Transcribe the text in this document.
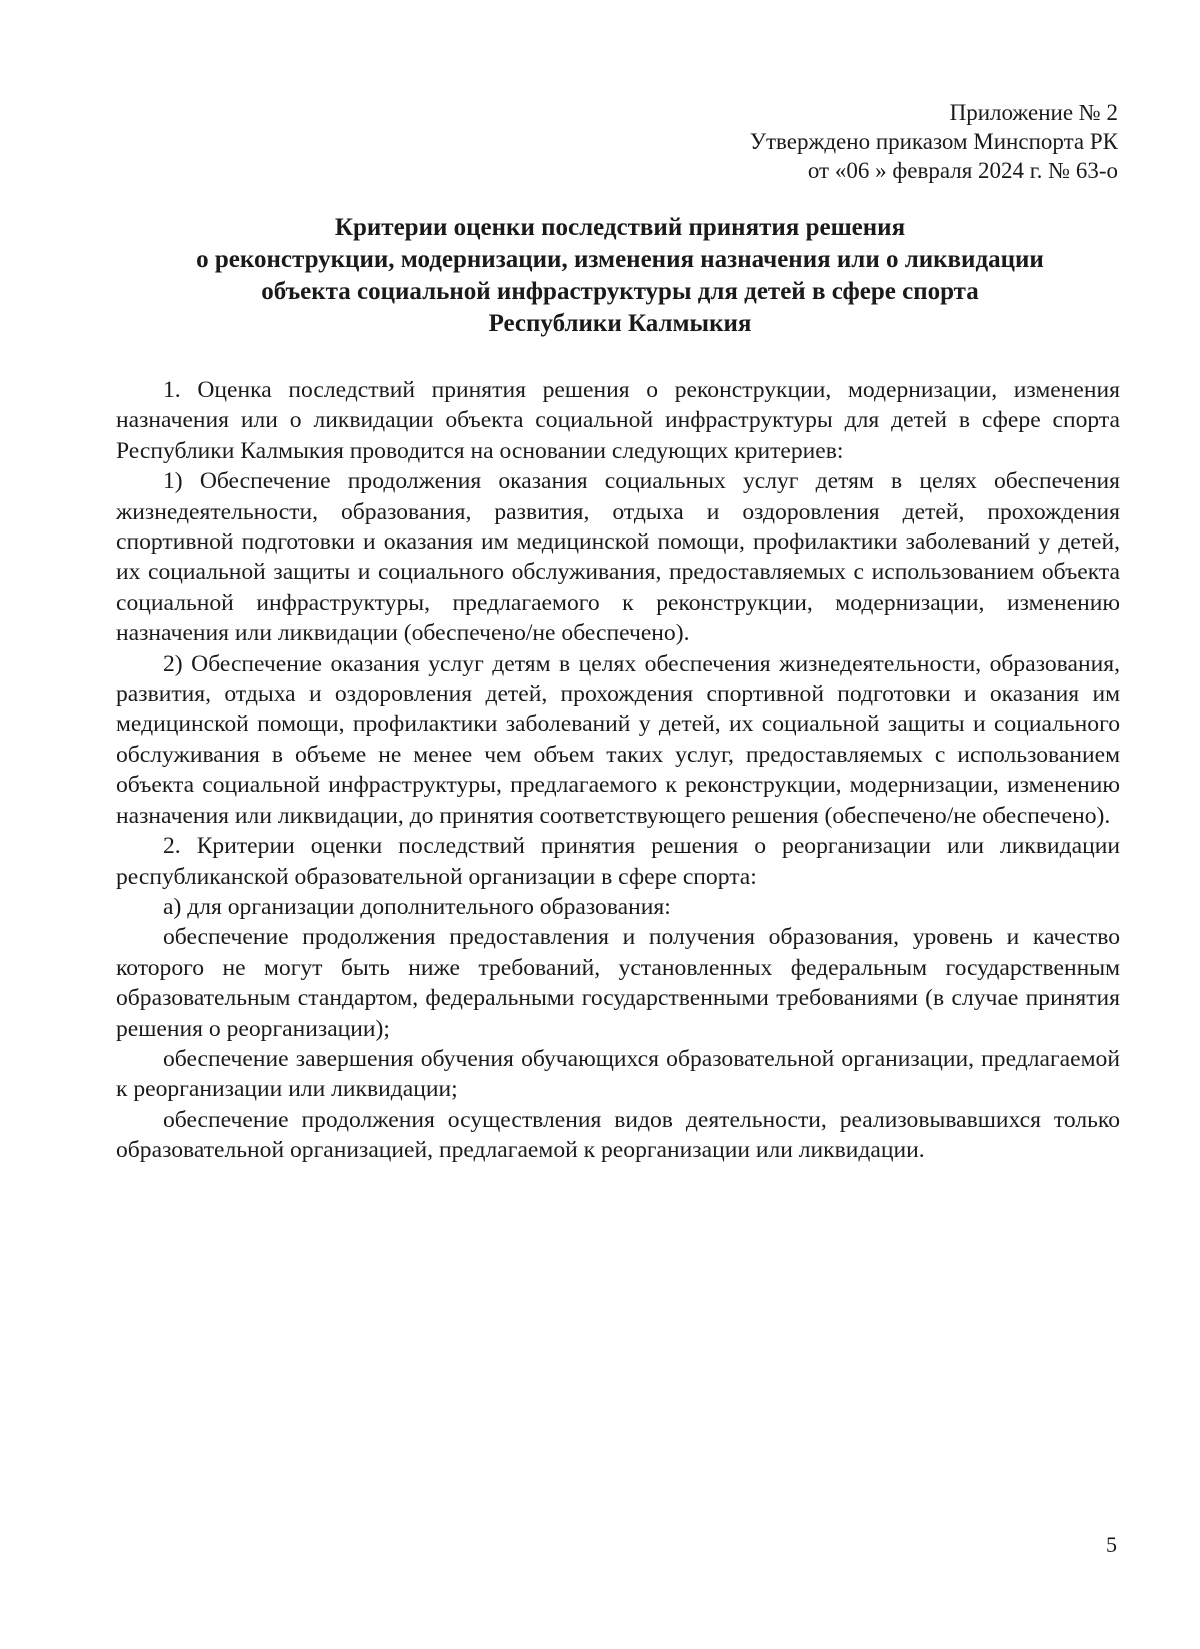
Приложение № 2
Утверждено приказом Минспорта РК
от «06 » февраля 2024 г. № 63-о
Критерии оценки последствий принятия решения
о реконструкции, модернизации, изменения назначения или о ликвидации
объекта социальной инфраструктуры для детей в сфере спорта
Республики Калмыкия

1. Оценка последствий принятия решения о реконструкции, модернизации, изменения назначения или о ликвидации объекта социальной инфраструктуры для детей в сфере спорта Республики Калмыкия проводится на основании следующих критериев:

1) Обеспечение продолжения оказания социальных услуг детям в целях обеспечения жизнедеятельности, образования, развития, отдыха и оздоровления детей, прохождения спортивной подготовки и оказания им медицинской помощи, профилактики заболеваний у детей, их социальной защиты и социального обслуживания, предоставляемых с использованием объекта социальной инфраструктуры, предлагаемого к реконструкции, модернизации, изменению назначения или ликвидации (обеспечено/не обеспечено).

2) Обеспечение оказания услуг детям в целях обеспечения жизнедеятельности, образования, развития, отдыха и оздоровления детей, прохождения спортивной подготовки и оказания им медицинской помощи, профилактики заболеваний у детей, их социальной защиты и социального обслуживания в объеме не менее чем объем таких услуг, предоставляемых с использованием объекта социальной инфраструктуры, предлагаемого к реконструкции, модернизации, изменению назначения или ликвидации, до принятия соответствующего решения (обеспечено/не обеспечено).

2. Критерии оценки последствий принятия решения о реорганизации или ликвидации республиканской образовательной организации в сфере спорта:

а) для организации дополнительного образования:

обеспечение продолжения предоставления и получения образования, уровень и качество которого не могут быть ниже требований, установленных федеральным государственным образовательным стандартом, федеральными государственными требованиями (в случае принятия решения о реорганизации);

обеспечение завершения обучения обучающихся образовательной организации, предлагаемой к реорганизации или ликвидации;

обеспечение продолжения осуществления видов деятельности, реализовывавшихся только образовательной организацией, предлагаемой к реорганизации или ликвидации.

5
